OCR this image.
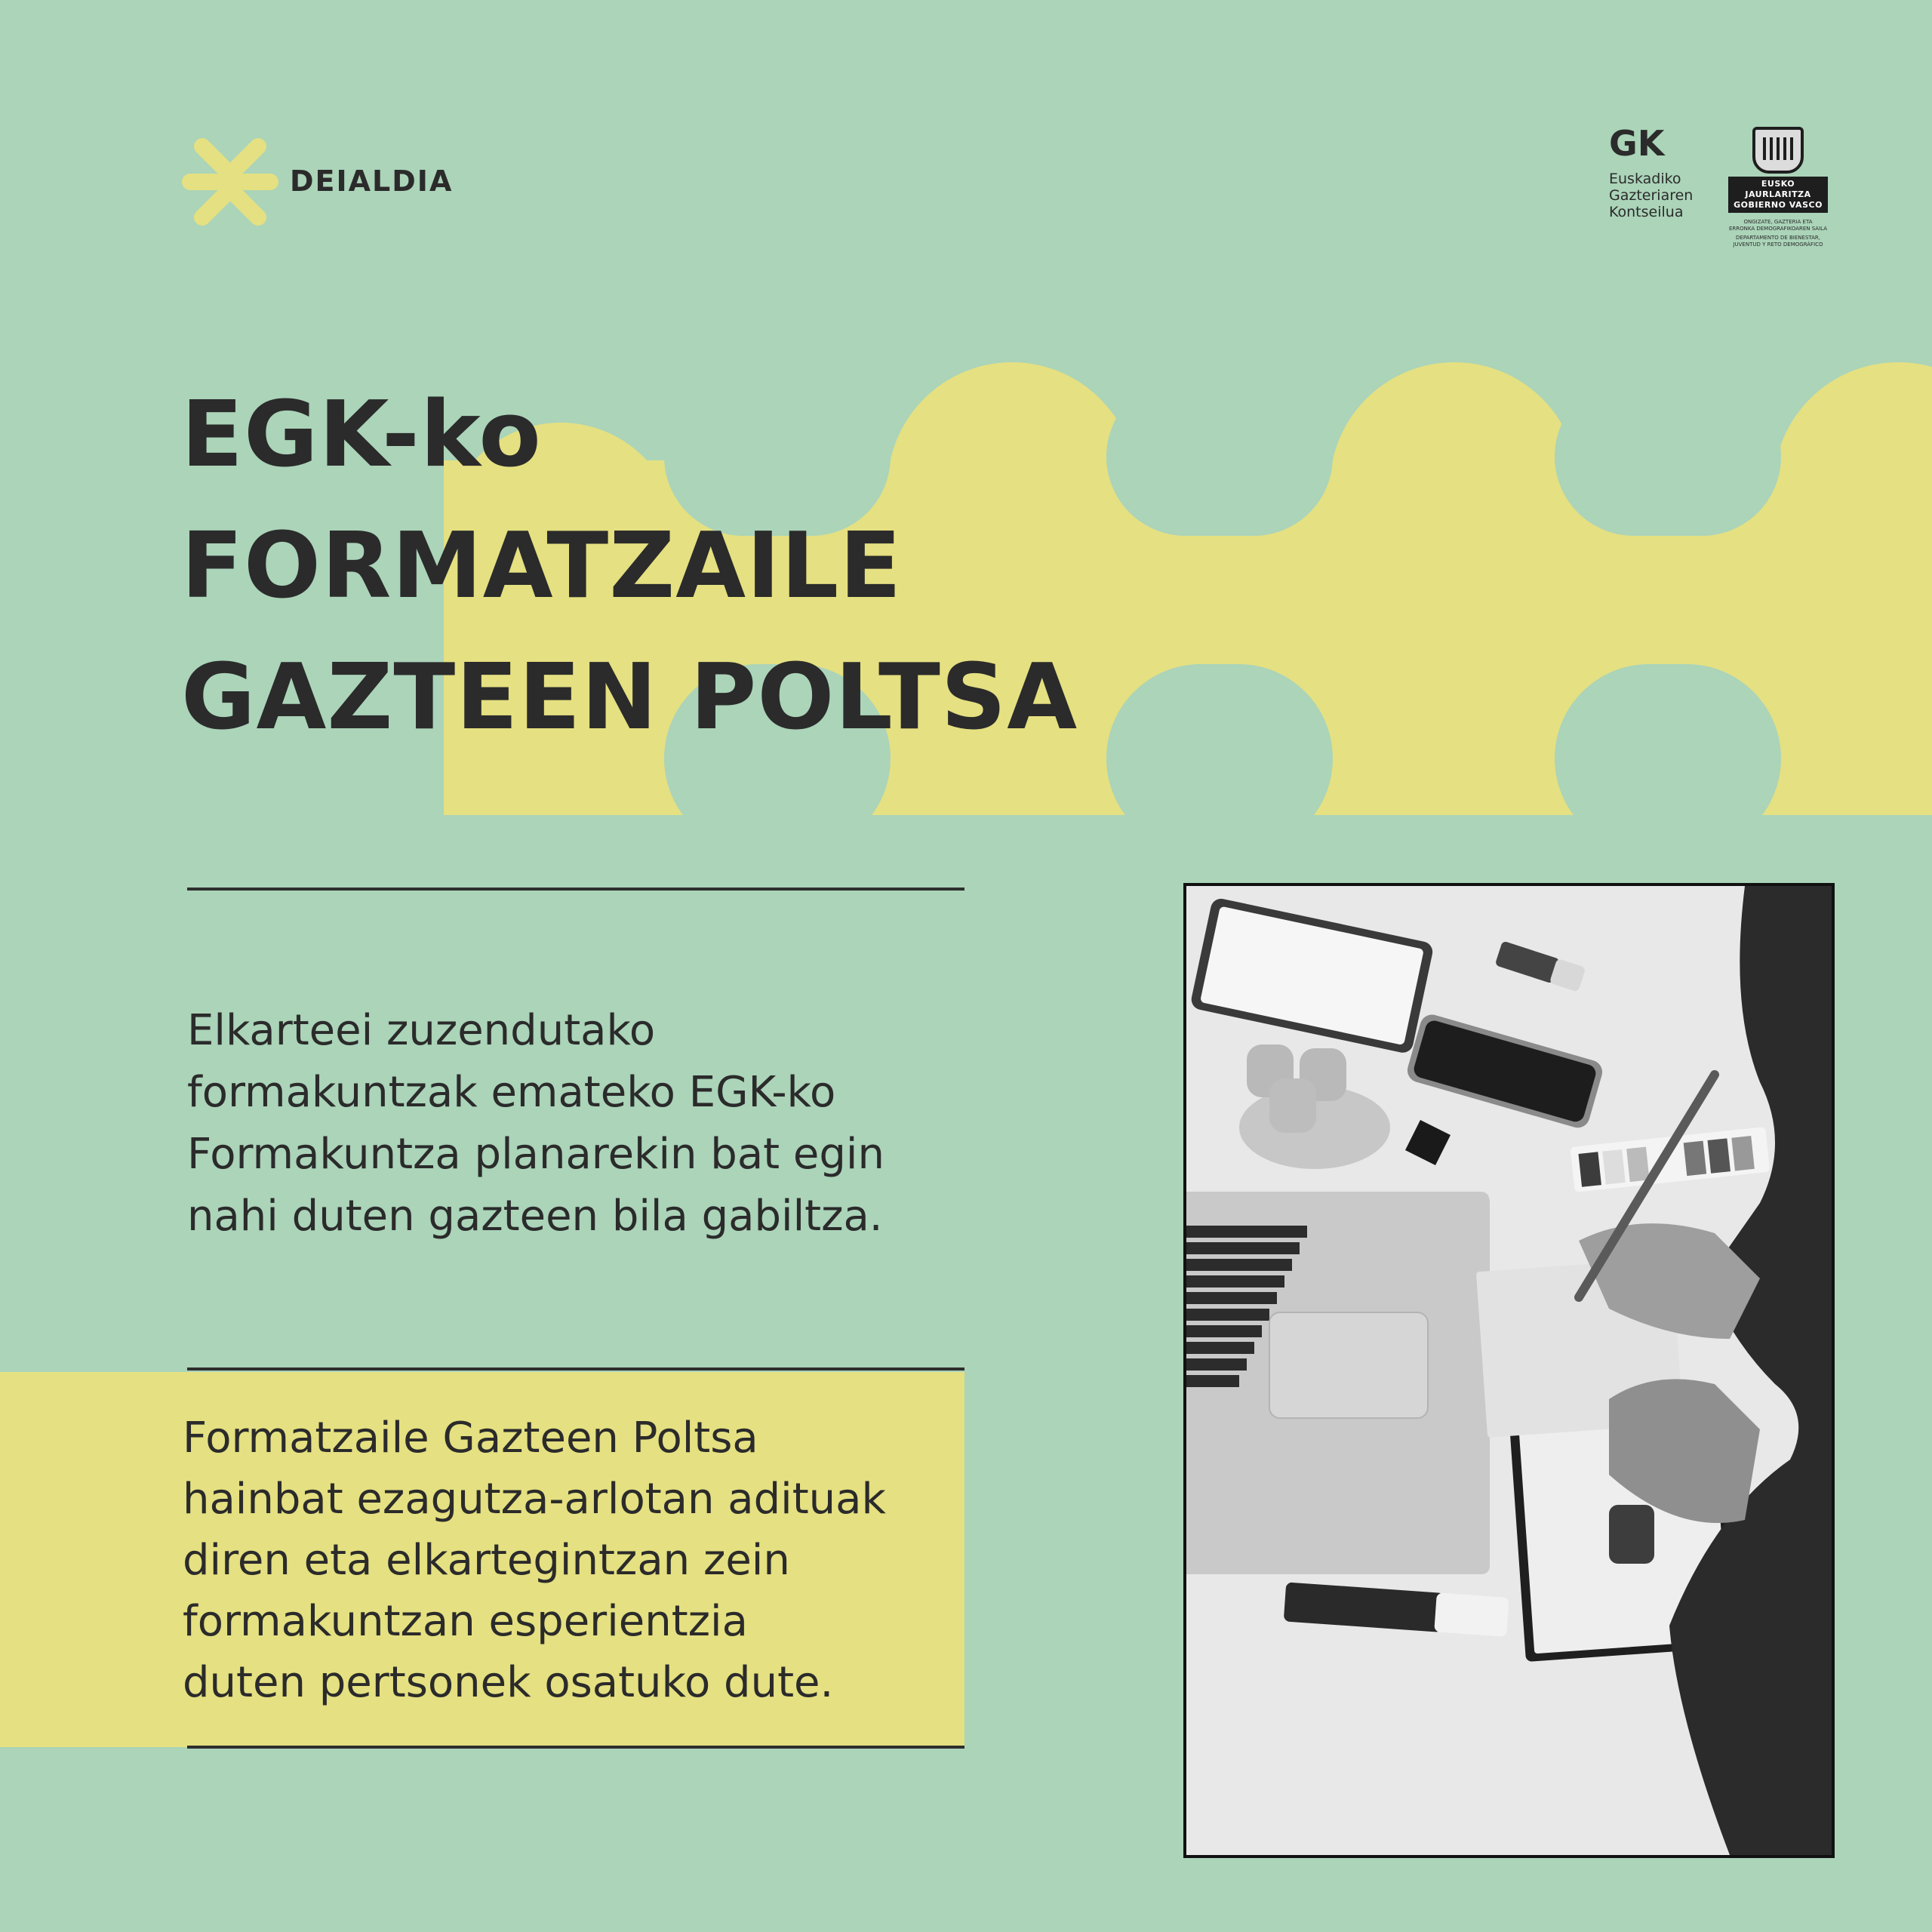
DEIALDIA
GK
Euskadiko
Gazteriaren
Kontseilua
EUSKO JAURLARITZA
GOBIERNO VASCO
ONGIZATE, GAZTERIA ETA
ERRONKA DEMOGRAFIKOAREN SAILA
DEPARTAMENTO DE BIENESTAR,
JUVENTUD Y RETO DEMOGRÁFICO
EGK-ko
FORMATZAILE
GAZTEEN POLTSA
Elkarteei zuzendutako
formakuntzak emateko EGK-ko
Formakuntza planarekin bat egin
nahi duten gazteen bila gabiltza.
Formatzaile Gazteen Poltsa
hainbat ezagutza-arlotan adituak
diren eta elkartegintzan zein
formakuntzan esperientzia
duten pertsonek osatuko dute.
